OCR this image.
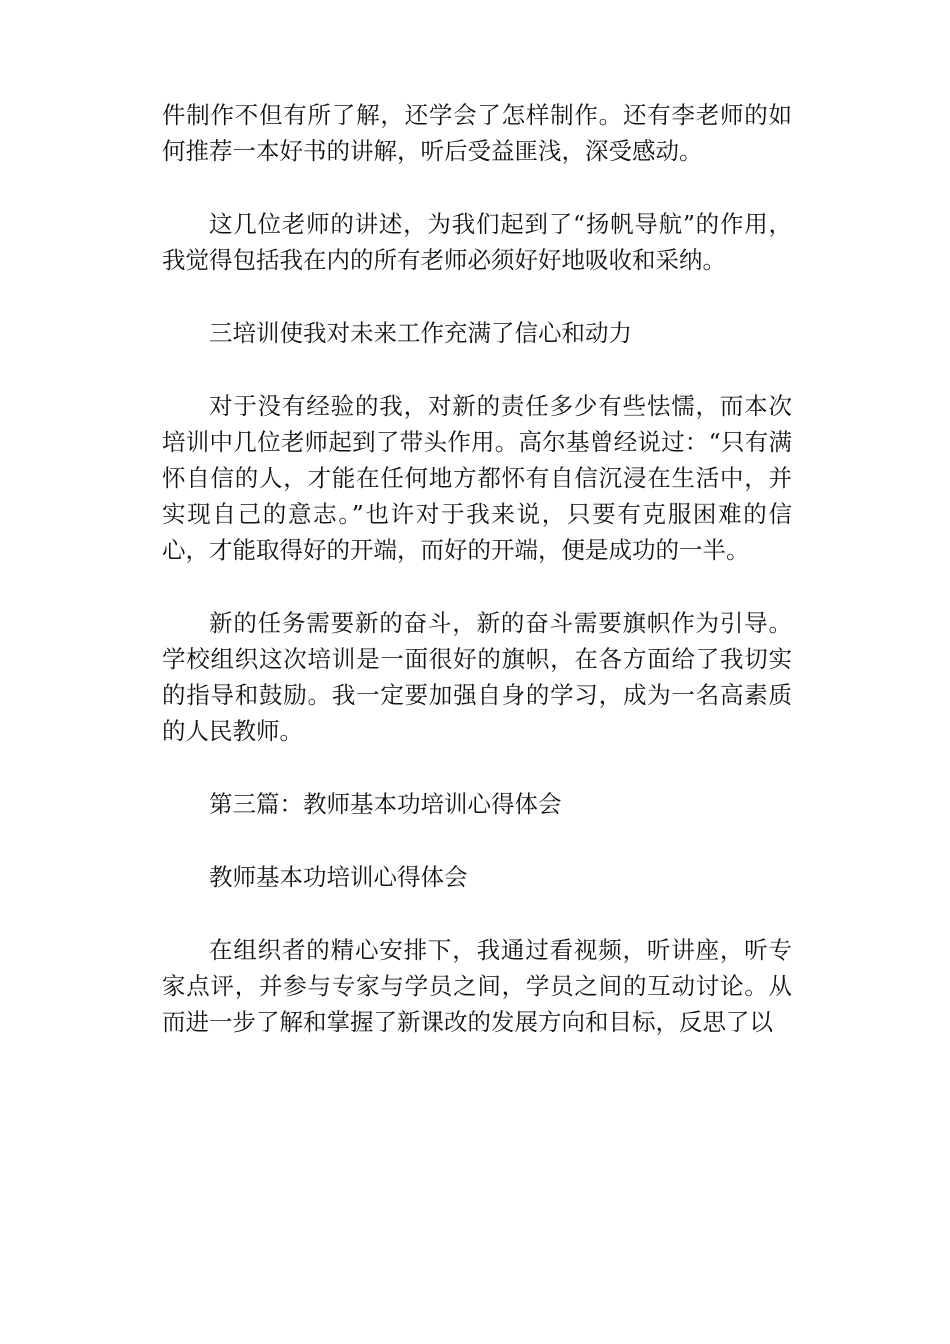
件制作不但有所了解，还学会了怎样制作。还有李老师的如何推荐一本好书的讲解，听后受益匪浅，深受感动。

这几位老师的讲述，为我们起到了“扬帆导航”的作用，我觉得包括我在内的所有老师必须好好地吸收和采纳。

三培训使我对未来工作充满了信心和动力

对于没有经验的我，对新的责任多少有些怯懦，而本次培训中几位老师起到了带头作用。高尔基曾经说过：“只有满怀自信的人，才能在任何地方都怀有自信沉浸在生活中，并实现自己的意志。”也许对于我来说，只要有克服困难的信心，才能取得好的开端，而好的开端，便是成功的一半。

新的任务需要新的奋斗，新的奋斗需要旗帜作为引导。学校组织这次培训是一面很好的旗帜，在各方面给了我切实的指导和鼓励。我一定要加强自身的学习，成为一名高素质的人民教师。

第三篇：教师基本功培训心得体会

教师基本功培训心得体会

在组织者的精心安排下，我通过看视频，听讲座，听专家点评，并参与专家与学员之间，学员之间的互动讨论。从而进一步了解和掌握了新课改的发展方向和目标，反思了以
